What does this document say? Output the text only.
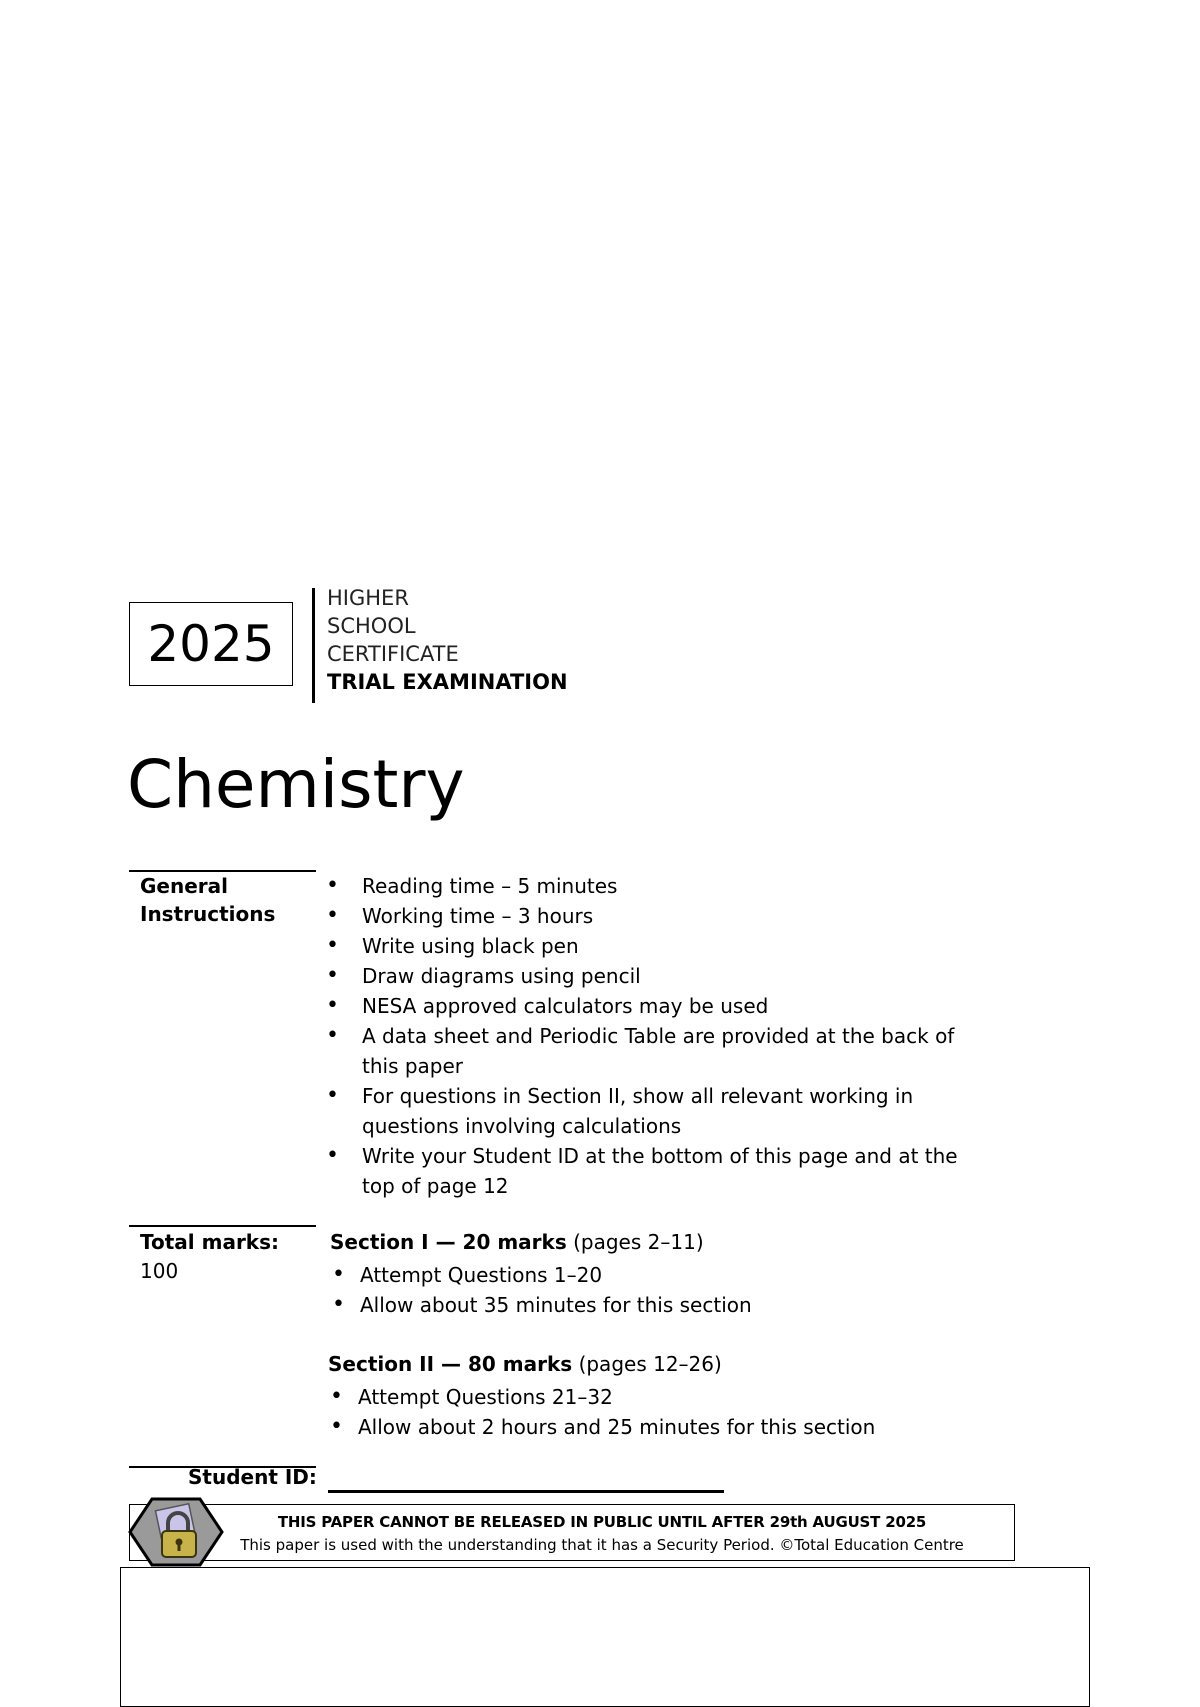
2025
HIGHER
SCHOOL
CERTIFICATE
TRIAL EXAMINATION
Chemistry
General
Instructions
• Reading time – 5 minutes
• Working time – 3 hours
• Write using black pen
• Draw diagrams using pencil
• NESA approved calculators may be used
• A data sheet and Periodic Table are provided at the back of this paper
• For questions in Section II, show all relevant working in questions involving calculations
• Write your Student ID at the bottom of this page and at the top of page 12
Total marks:
100
Section I — 20 marks (pages 2–11)
• Attempt Questions 1–20
• Allow about 35 minutes for this section
Section II — 80 marks (pages 12–26)
• Attempt Questions 21–32
• Allow about 2 hours and 25 minutes for this section
Student ID:
THIS PAPER CANNOT BE RELEASED IN PUBLIC UNTIL AFTER 29th AUGUST 2025
This paper is used with the understanding that it has a Security Period. ©Total Education Centre
